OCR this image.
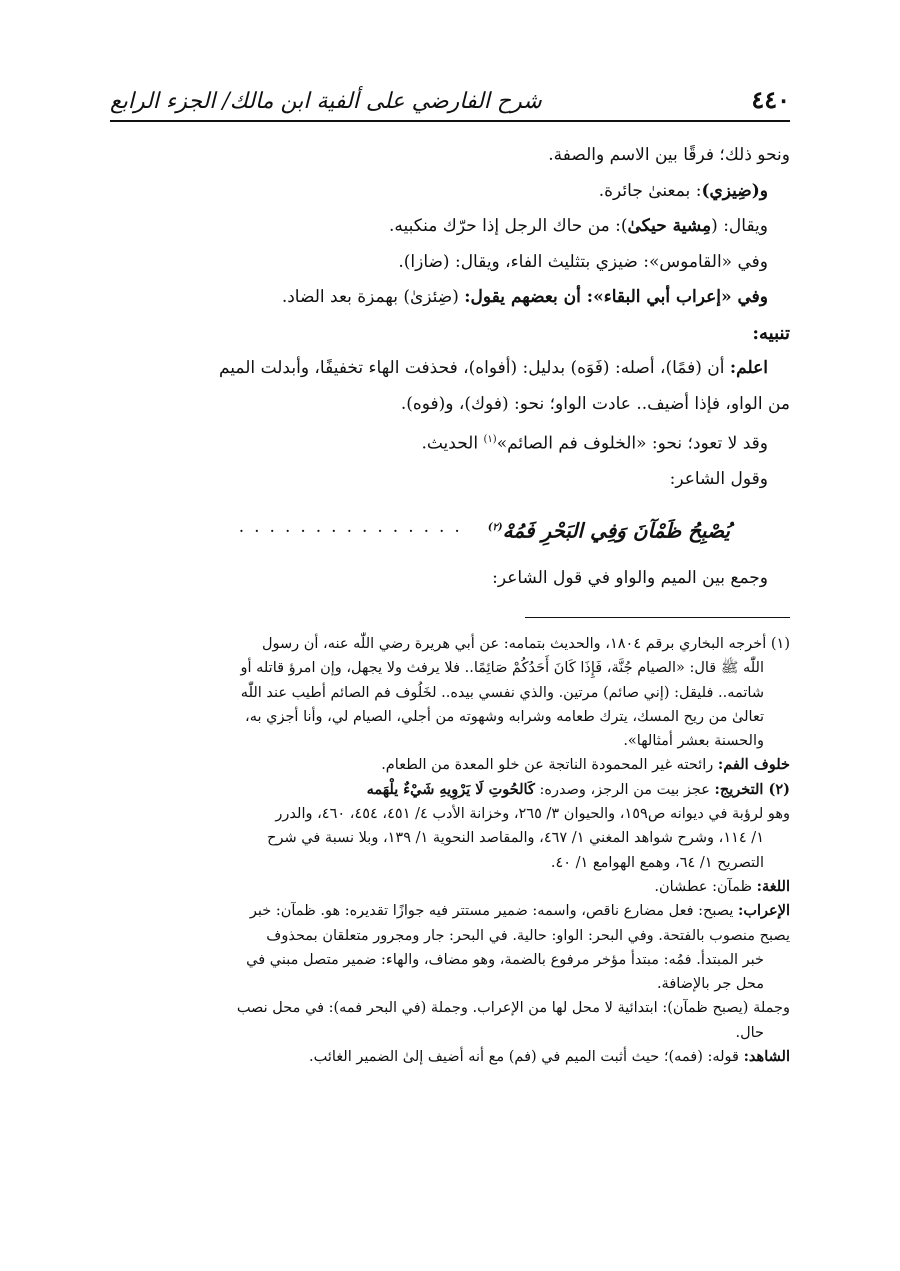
٤٤٠
شرح الفارضي على ألفية ابن مالك/ الجزء الرابع

ونحو ذلك؛ فرقًا بين الاسم والصفة.

و(ضِيزي): بمعنىٰ جائرة.

ويقال: (مِشية حيكىٰ): من حاك الرجل إذا حرّك منكبيه.

وفي «القاموس»: ضيزي بتثليث الفاء، ويقال: (ضازا).

وفي «إعراب أبي البقاء»: أن بعضهم يقول: (ضِئزىٰ) بهمزة بعد الضاد.

تنبيه:

اعلم: أن (فمًا)، أصله: (فَوَه) بدليل: (أفواه)، فحذفت الهاء تخفيفًا، وأبدلت الميم

من الواو، فإذا أضيف.. عادت الواو؛ نحو: (فوك)، و(فوه).

وقد لا تعود؛ نحو: «الخلوف فم الصائم»$^{(١)}$ الحديث.

وقول الشاعر:

يُصْبِحُ ظَمْآنَ وَفِي البَحْرِ فَمُهْ$^{(٢)}$
...............

وجمع بين الميم والواو في قول الشاعر:

(١) أخرجه البخاري برقم ١٨٠٤، والحديث بتمامه: عن أبي هريرة رضي اللّٰه عنه، أن رسول

اللّٰه ﷺ قال: «الصيام جُنَّة، فَإِذَا كَانَ أَحَدُكُمْ صَائِمًا.. فلا يرفث ولا يجهل، وإن امرؤ قاتله أو

شاتمه.. فليقل: (إني صائم) مرتين. والذي نفسي بيده.. لخَلُوف فم الصائم أطيب عند اللّٰه

تعالىٰ من ريح المسك، يترك طعامه وشرابه وشهوته من أجلي، الصيام لي، وأنا أجزي به،

والحسنة بعشر أمثالها».

خلوف الفم: رائحته غير المحمودة الناتجة عن خلو المعدة من الطعام.

(٢) التخريج: عجز بيت من الرجز، وصدره: كَالحُوتِ لَا يَرْوِيهِ شَيْءٌ يلْهَمه

وهو لرؤبة في ديوانه ص١٥٩، والحيوان ٣/ ٢٦٥، وخزانة الأدب ٤/ ٤٥١، ٤٥٤، ٤٦٠، والدرر

١/ ١١٤، وشرح شواهد المغني ١/ ٤٦٧، والمقاصد النحوية ١/ ١٣٩، وبلا نسبة في شرح

التصريح ١/ ٦٤، وهمع الهوامع ١/ ٤٠.

اللغة: ظمآن: عطشان.

الإعراب: يصبح: فعل مضارع ناقص، واسمه: ضمير مستتر فيه جوازًا تقديره: هو. ظمآن: خبر

يصبح منصوب بالفتحة. وفي البحر: الواو: حالية. في البحر: جار ومجرور متعلقان بمحذوف

خبر المبتدأ. فمُه: مبتدأ مؤخر مرفوع بالضمة، وهو مضاف، والهاء: ضمير متصل مبني في

محل جر بالإضافة.

وجملة (يصبح ظمآن): ابتدائية لا محل لها من الإعراب. وجملة (في البحر فمه): في محل نصب

حال.

الشاهد: قوله: (فمه)؛ حيث أثبت الميم في (فم) مع أنه أضيف إلىٰ الضمير الغائب.
